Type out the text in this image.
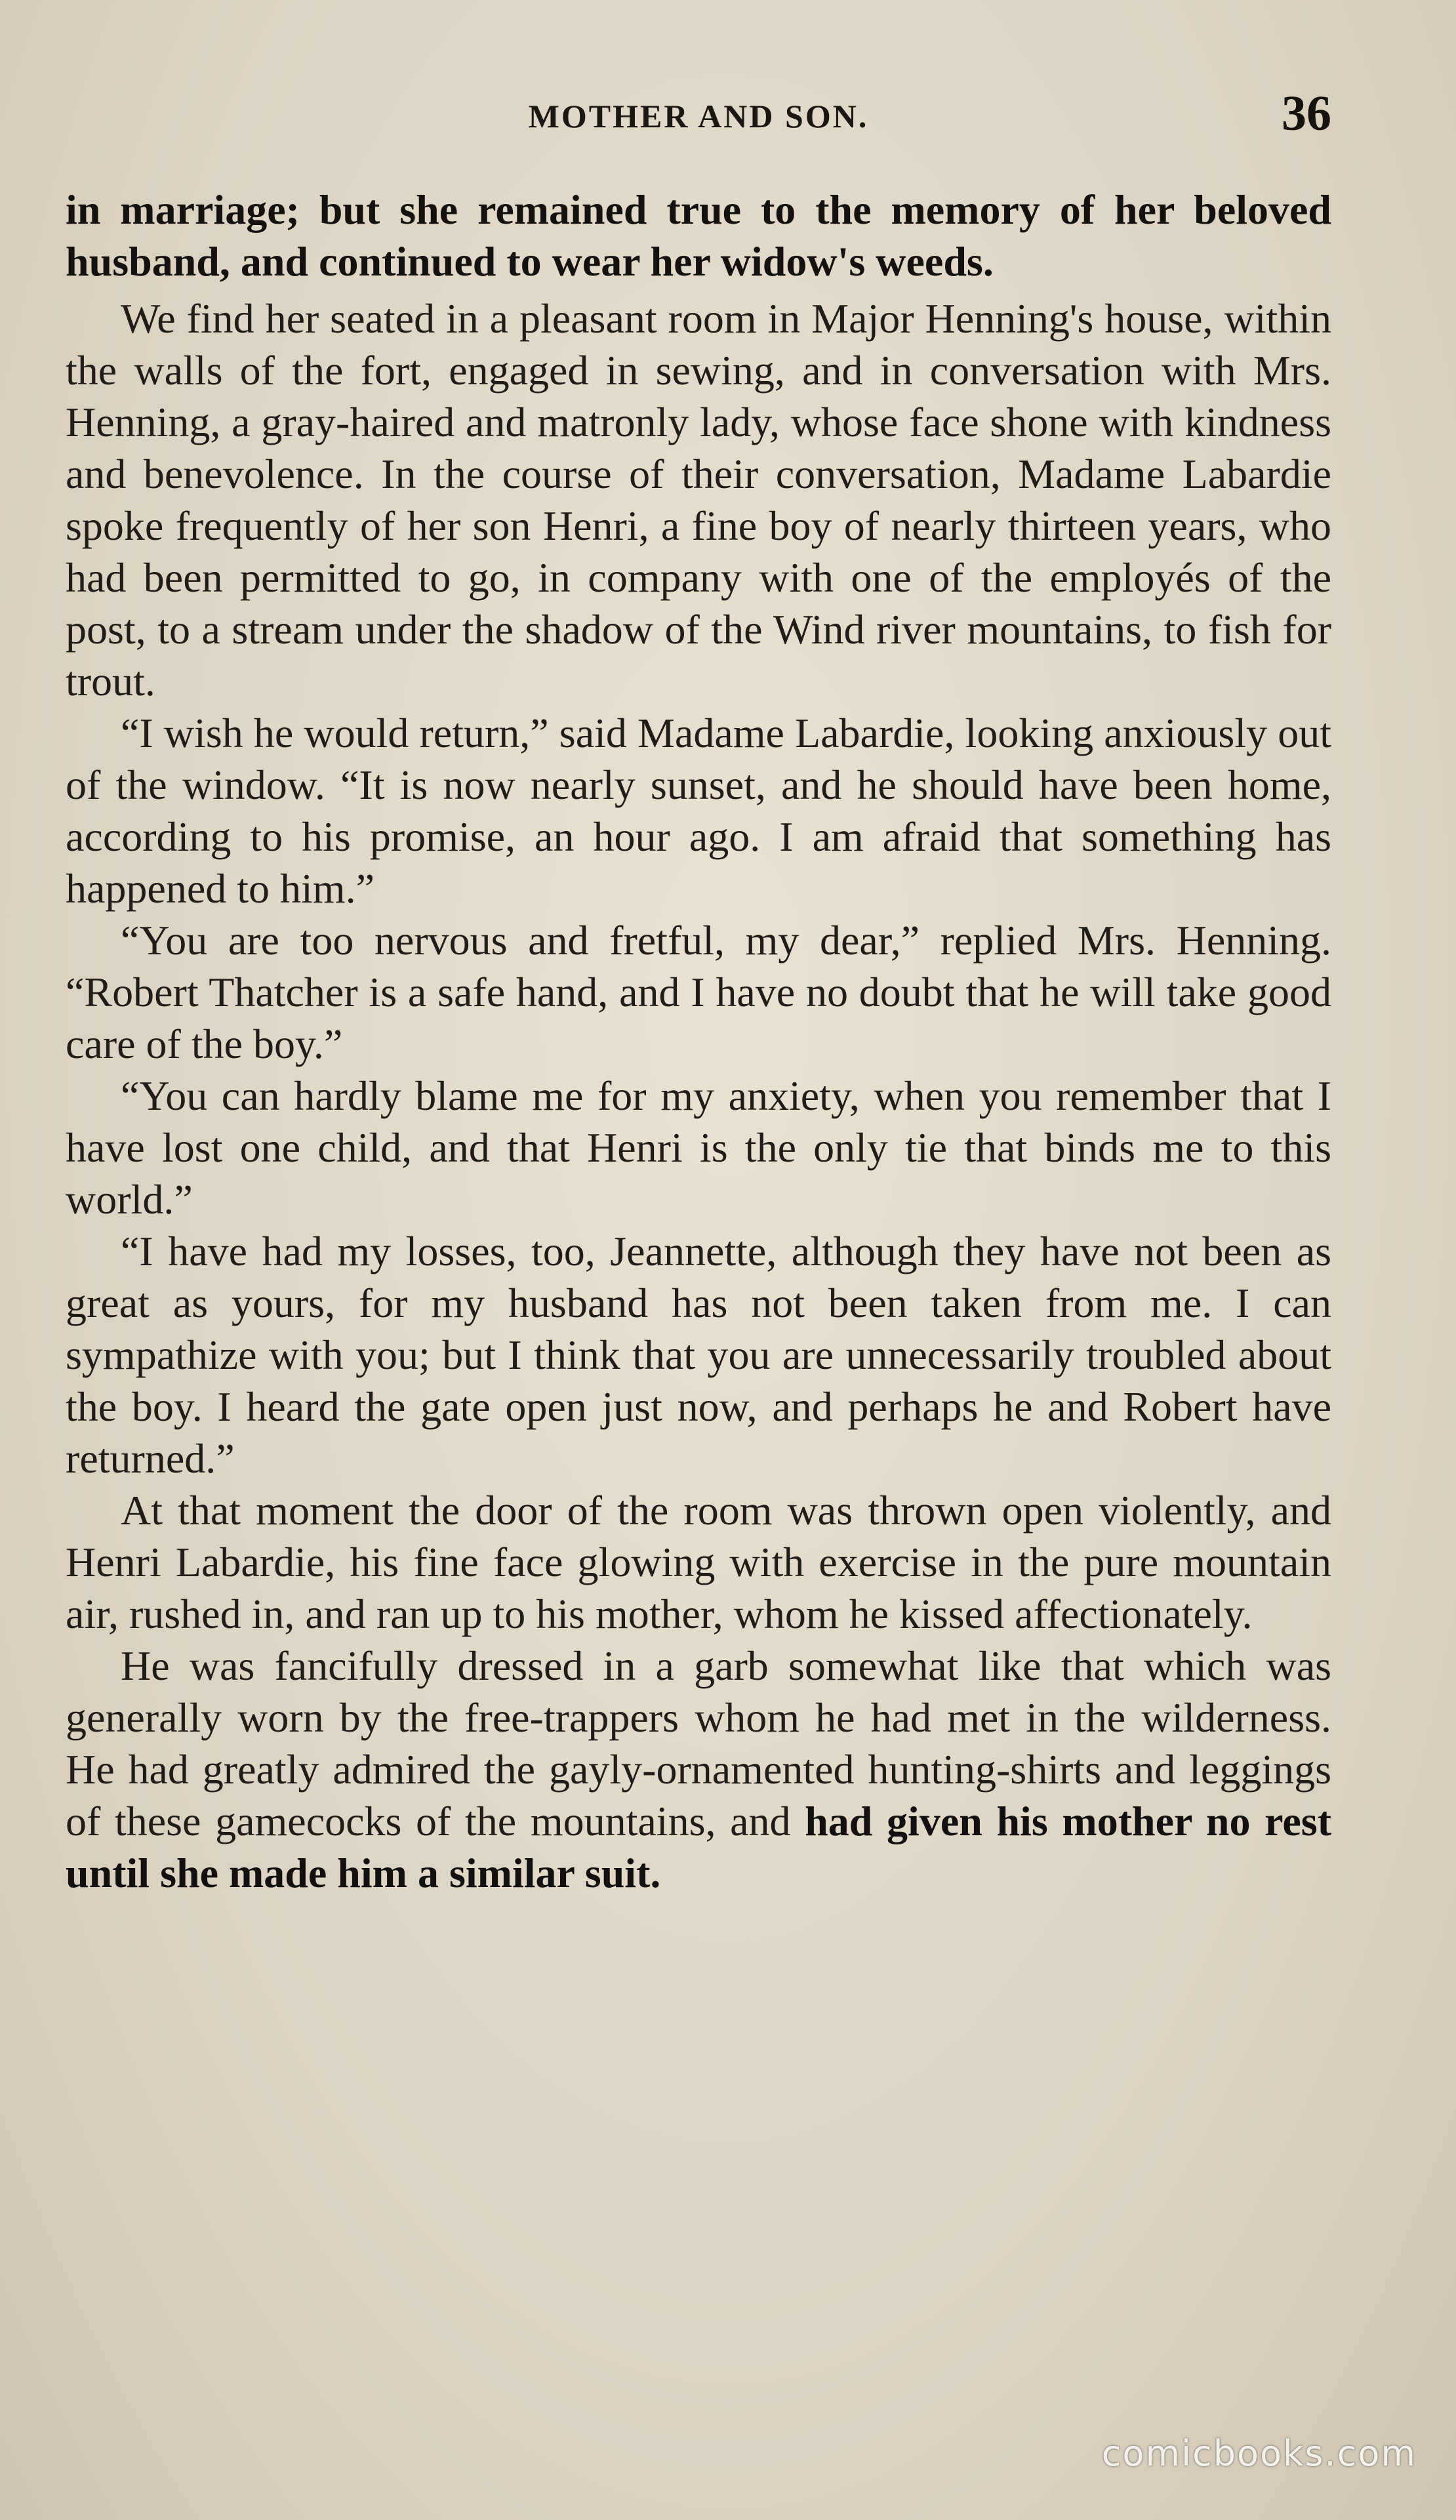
MOTHER AND SON.	36

in marriage; but she remained true to the memory of her beloved husband, and continued to wear her widow's weeds.

We find her seated in a pleasant room in Major Henning's house, within the walls of the fort, engaged in sewing, and in conversation with Mrs. Henning, a gray-haired and matronly lady, whose face shone with kindness and benevolence. In the course of their conversation, Madame Labardie spoke frequently of her son Henri, a fine boy of nearly thirteen years, who had been permitted to go, in company with one of the employés of the post, to a stream under the shadow of the Wind river mountains, to fish for trout.

“I wish he would return,” said Madame Labardie, looking anxiously out of the window. “It is now nearly sunset, and he should have been home, according to his promise, an hour ago. I am afraid that something has happened to him.”

“You are too nervous and fretful, my dear,” replied Mrs. Henning. “Robert Thatcher is a safe hand, and I have no doubt that he will take good care of the boy.”

“You can hardly blame me for my anxiety, when you remember that I have lost one child, and that Henri is the only tie that binds me to this world.”

“I have had my losses, too, Jeannette, although they have not been as great as yours, for my husband has not been taken from me. I can sympathize with you; but I think that you are unnecessarily troubled about the boy. I heard the gate open just now, and perhaps he and Robert have returned.”

At that moment the door of the room was thrown open violently, and Henri Labardie, his fine face glowing with exercise in the pure mountain air, rushed in, and ran up to his mother, whom he kissed affectionately.

He was fancifully dressed in a garb somewhat like that which was generally worn by the free-trappers whom he had met in the wilderness. He had greatly admired the gayly-ornamented hunting-shirts and leggings of these gamecocks of the mountains, and had given his mother no rest until she made him a similar suit.

comicbooks.com
